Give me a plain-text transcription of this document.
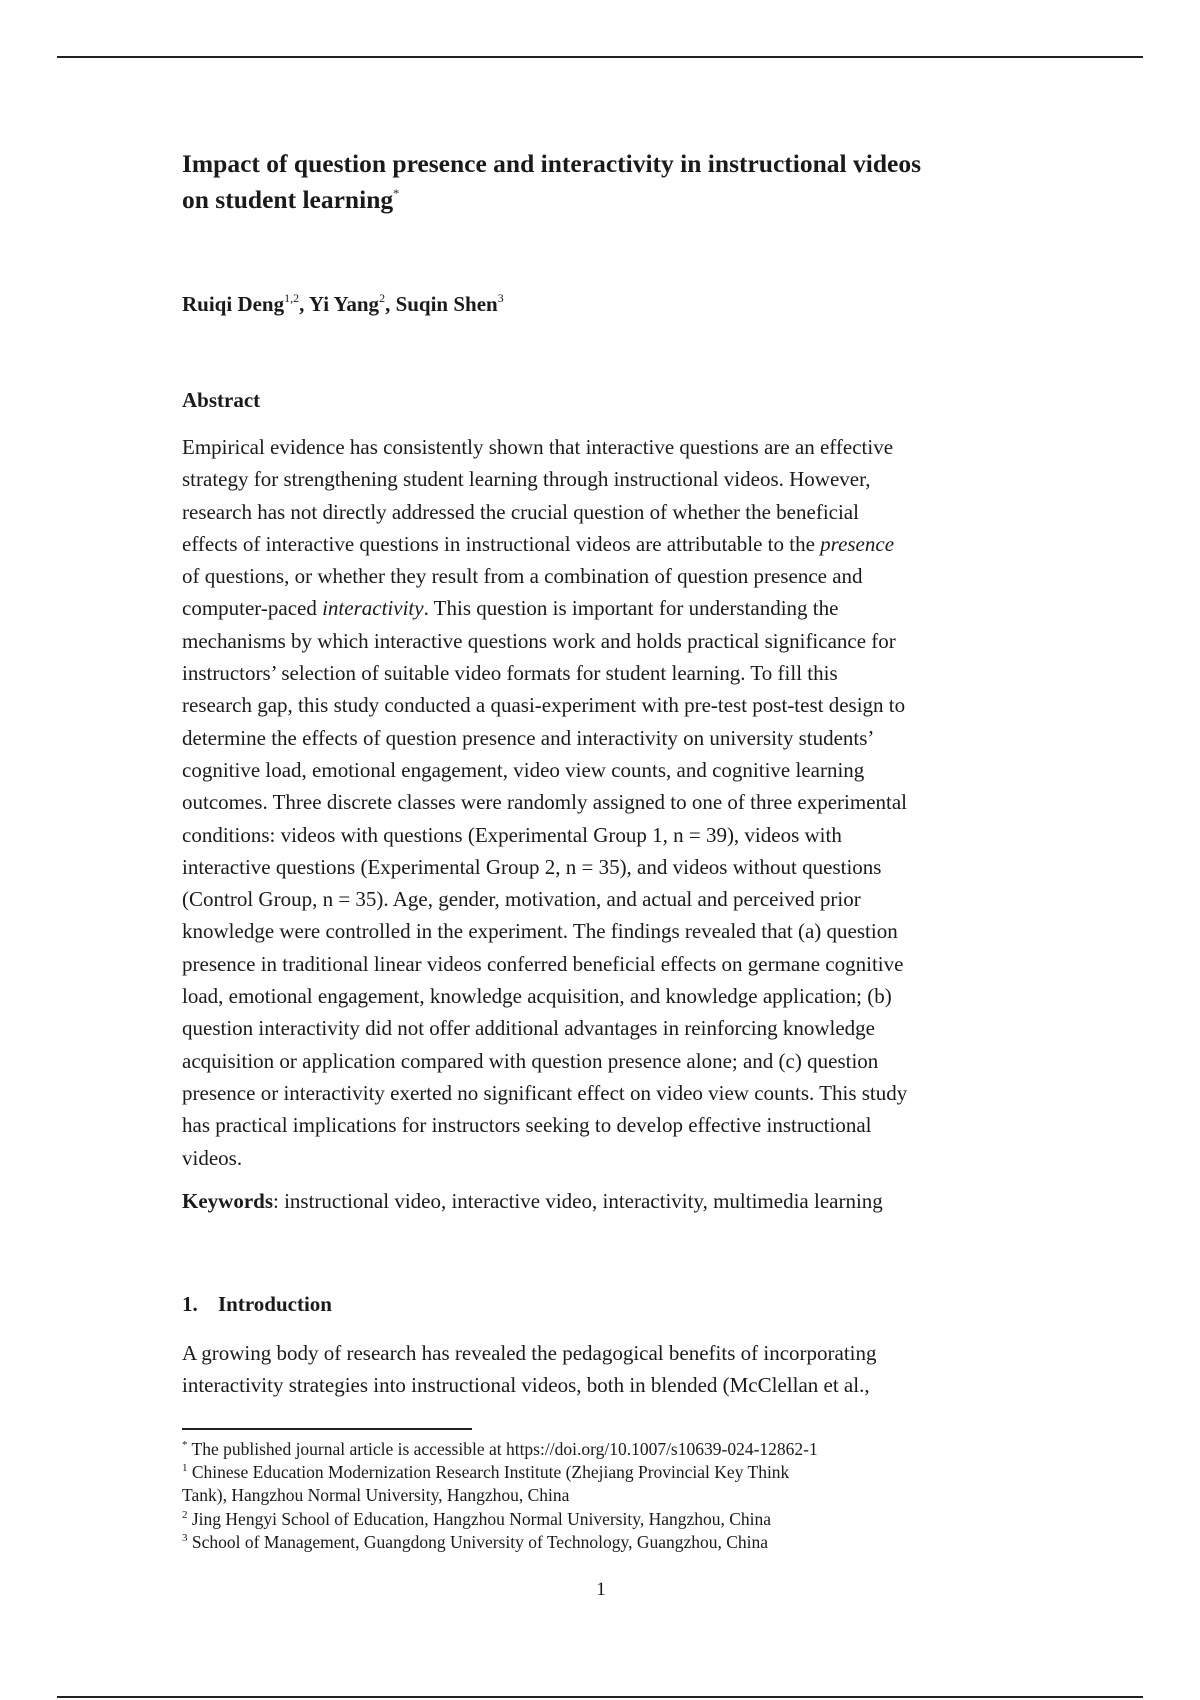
Impact of question presence and interactivity in instructional videos
on student learning*

Ruiqi Deng$^{1,2}$, Yi Yang$^2$, Suqin Shen$^3$

Abstract

Empirical evidence has consistently shown that interactive questions are an effective
strategy for strengthening student learning through instructional videos. However,
research has not directly addressed the crucial question of whether the beneficial
effects of interactive questions in instructional videos are attributable to the presence
of questions, or whether they result from a combination of question presence and
computer-paced interactivity. This question is important for understanding the
mechanisms by which interactive questions work and holds practical significance for
instructors’ selection of suitable video formats for student learning. To fill this
research gap, this study conducted a quasi-experiment with pre-test post-test design to
determine the effects of question presence and interactivity on university students’
cognitive load, emotional engagement, video view counts, and cognitive learning
outcomes. Three discrete classes were randomly assigned to one of three experimental
conditions: videos with questions (Experimental Group 1, n = 39), videos with
interactive questions (Experimental Group 2, n = 35), and videos without questions
(Control Group, n = 35). Age, gender, motivation, and actual and perceived prior
knowledge were controlled in the experiment. The findings revealed that (a) question
presence in traditional linear videos conferred beneficial effects on germane cognitive
load, emotional engagement, knowledge acquisition, and knowledge application; (b)
question interactivity did not offer additional advantages in reinforcing knowledge
acquisition or application compared with question presence alone; and (c) question
presence or interactivity exerted no significant effect on video view counts. This study
has practical implications for instructors seeking to develop effective instructional
videos.

Keywords: instructional video, interactive video, interactivity, multimedia learning

1. Introduction

A growing body of research has revealed the pedagogical benefits of incorporating
interactivity strategies into instructional videos, both in blended (McClellan et al.,

* The published journal article is accessible at https://doi.org/10.1007/s10639-024-12862-1
$^1$ Chinese Education Modernization Research Institute (Zhejiang Provincial Key Think
Tank), Hangzhou Normal University, Hangzhou, China
$^2$ Jing Hengyi School of Education, Hangzhou Normal University, Hangzhou, China
$^3$ School of Management, Guangdong University of Technology, Guangzhou, China
1
